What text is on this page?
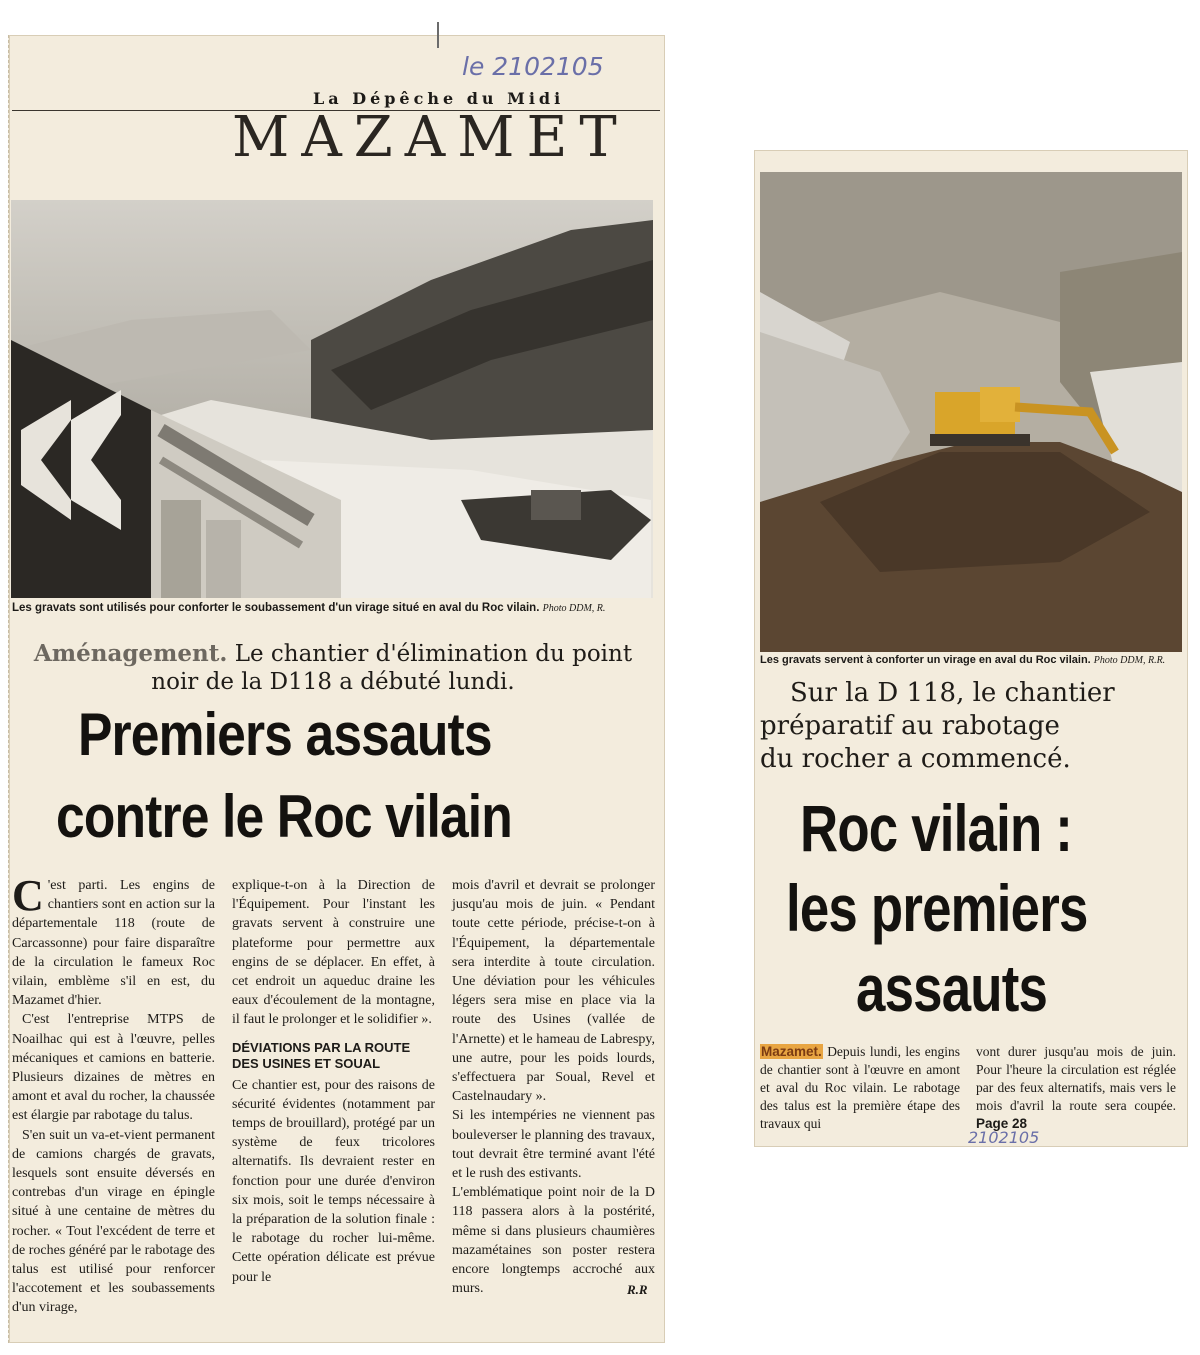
le 2102105
La Dépêche du Midi
MAZAMET
Les gravats sont utilisés pour conforter le soubassement d'un virage situé en aval du Roc vilain. Photo DDM, R.
Aménagement. Le chantier d'élimination du point noir de la D118 a débuté lundi.
Premiers assauts
contre le Roc vilain
C 'est parti. Les engins de chantiers sont en action sur la départementale 118 (route de Carcassonne) pour faire disparaître de la circulation le fameux Roc vilain, emblème s'il en est, du Mazamet d'hier.

C'est l'entreprise MTPS de Noailhac qui est à l'œuvre, pelles mécaniques et camions en batterie. Plusieurs dizaines de mètres en amont et aval du rocher, la chaussée est élargie par rabotage du talus.

S'en suit un va-et-vient permanent de camions chargés de gravats, lesquels sont ensuite déversés en contrebas d'un virage en épingle situé à une centaine de mètres du rocher. « Tout l'excédent de terre et de roches généré par le rabotage des talus est utilisé pour renforcer l'accotement et les soubassements d'un virage,

explique-t-on à la Direction de l'Équipement. Pour l'instant les gravats servent à construire une plateforme pour permettre aux engins de se déplacer. En effet, à cet endroit un aqueduc draine les eaux d'écoulement de la montagne, il faut le prolonger et le solidifier ».

DÉVIATIONS PAR LA ROUTE DES USINES ET SOUAL

Ce chantier est, pour des raisons de sécurité évidentes (notamment par temps de brouillard), protégé par un système de feux tricolores alternatifs. Ils devraient rester en fonction pour une durée d'environ six mois, soit le temps nécessaire à la préparation de la solution finale : le rabotage du rocher lui-même. Cette opération délicate est prévue pour le

mois d'avril et devrait se prolonger jusqu'au mois de juin. « Pendant toute cette période, précise-t-on à l'Équipement, la départementale sera interdite à toute circulation. Une déviation pour les véhicules légers sera mise en place via la route des Usines (vallée de l'Arnette) et le hameau de Labrespy, une autre, pour les poids lourds, s'effectuera par Soual, Revel et Castelnaudary ».

Si les intempéries ne viennent pas bouleverser le planning des travaux, tout devrait être terminé avant l'été et le rush des estivants.

L'emblématique point noir de la D 118 passera alors à la postérité, même si dans plusieurs chaumières mazamétaines son poster restera encore longtemps accroché aux murs.	R.R
Les gravats servent à conforter un virage en aval du Roc vilain. Photo DDM, R.R.
Sur la D 118, le chantier
préparatif au rabotage
du rocher a commencé.
Roc vilain :
les premiers
assauts
Mazamet. Depuis lundi, les engins de chantier sont à l'œuvre en amont et aval du Roc vilain. Le rabotage des talus est la première étape des travaux qui
vont durer jusqu'au mois de juin. Pour l'heure la circulation est réglée par des feux alternatifs, mais vers le mois d'avril la route sera coupée. Page 28
2102105
